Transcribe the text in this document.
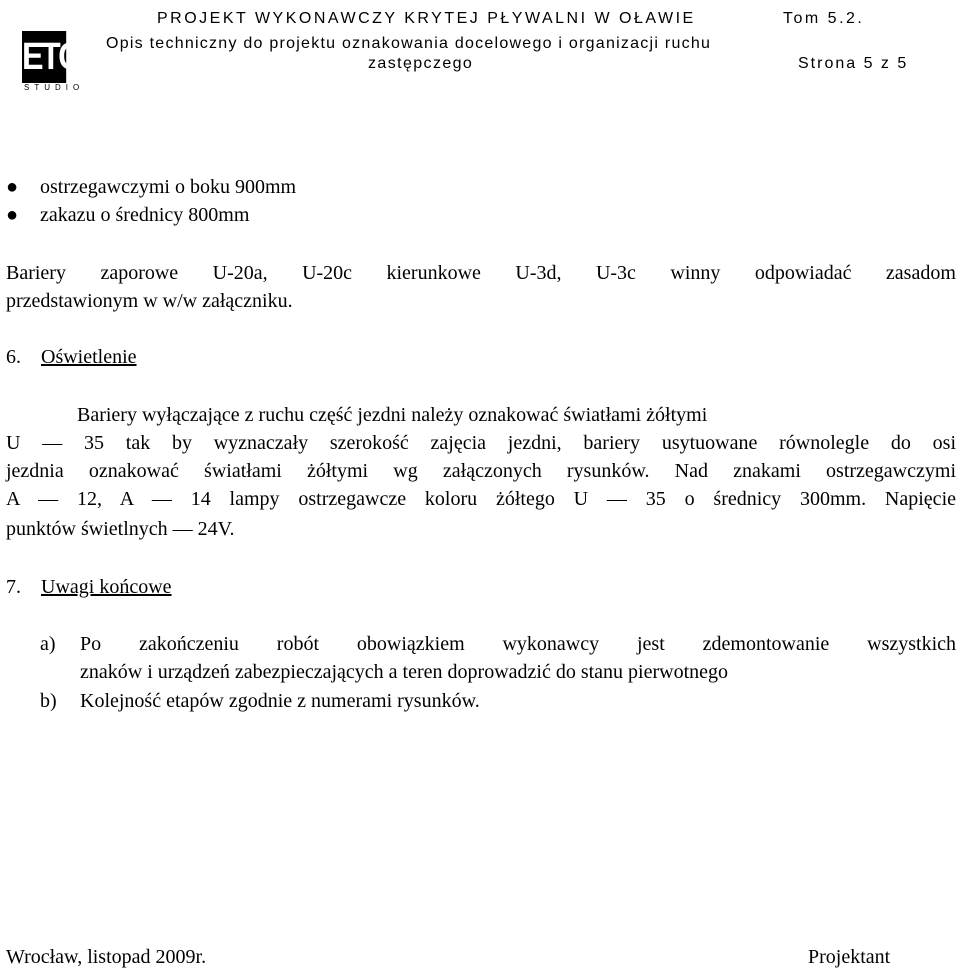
ETC
STUDIO
PROJEKT WYKONAWCZY KRYTEJ PŁYWALNI W OŁAWIE	Tom 5.2.
Opis techniczny do projektu oznakowania docelowego i organizacji ruchu
zastępczego	Strona 5 z 5
● ostrzegawczymi o boku 900mm
● zakazu o średnicy 800mm
Bariery zaporowe U-20a, U-20c kierunkowe U-3d, U-3c winny odpowiadać zasadom
przedstawionym w w/w załączniku.
6. Oświetlenie
Bariery wyłączające z ruchu część jezdni należy oznakować światłami żółtymi
U — 35 tak by wyznaczały szerokość zajęcia jezdni, bariery usytuowane równolegle do osi
jezdnia oznakować światłami żółtymi wg załączonych rysunków. Nad znakami ostrzegawczymi
A — 12, A — 14 lampy ostrzegawcze koloru żółtego U — 35 o średnicy 300mm. Napięcie
punktów świetlnych — 24V.
7. Uwagi końcowe
a) Po zakończeniu robót obowiązkiem wykonawcy jest zdemontowanie wszystkich
znaków i urządzeń zabezpieczających a teren doprowadzić do stanu pierwotnego
b) Kolejność etapów zgodnie z numerami rysunków.
Wrocław, listopad 2009r.	Projektant
